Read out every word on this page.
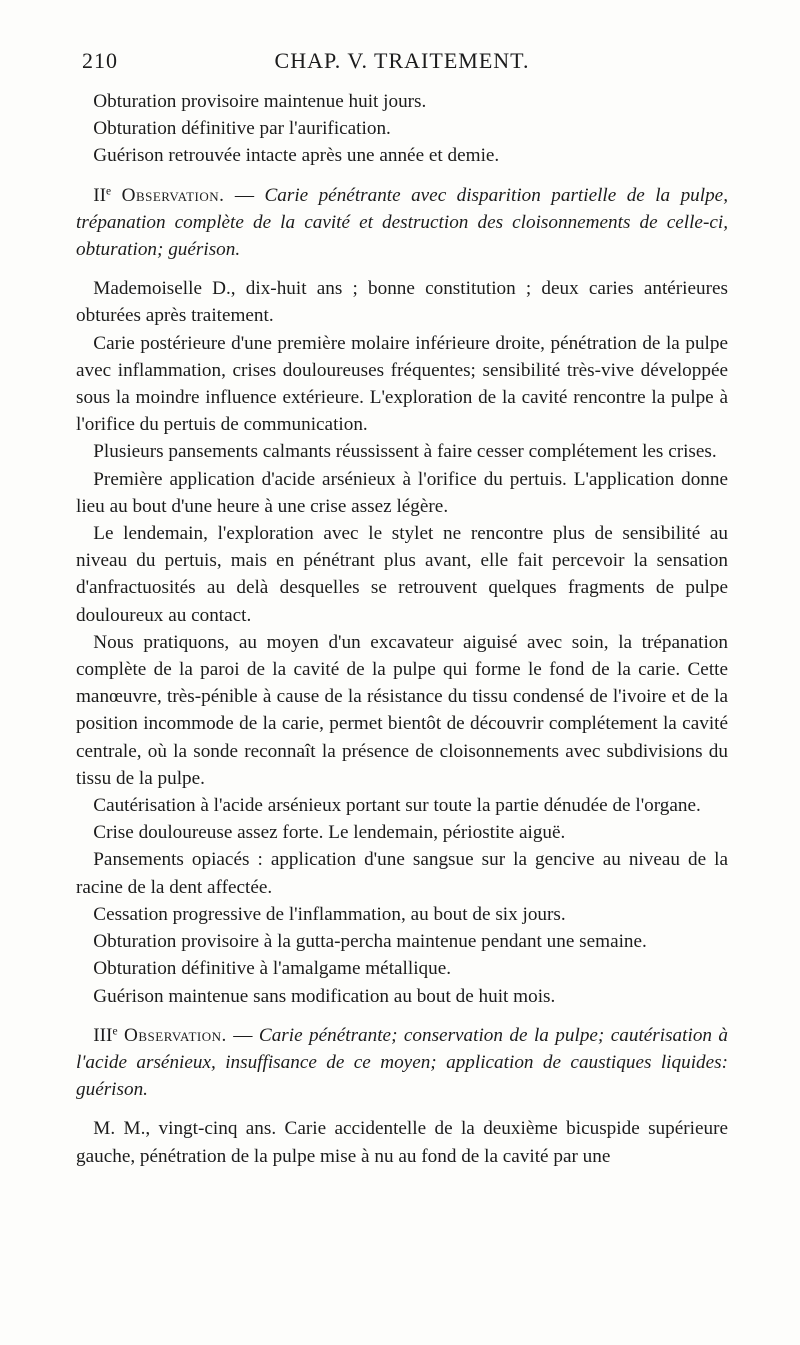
210	CHAP. V. TRAITEMENT.

Obturation provisoire maintenue huit jours.

Obturation définitive par l'aurification.

Guérison retrouvée intacte après une année et demie.

IIe Observation. — Carie pénétrante avec disparition partielle de la pulpe, trépanation complète de la cavité et destruction des cloisonnements de celle-ci, obturation; guérison.

Mademoiselle D., dix-huit ans ; bonne constitution ; deux caries antérieures obturées après traitement.

Carie postérieure d'une première molaire inférieure droite, pénétration de la pulpe avec inflammation, crises douloureuses fréquentes; sensibilité très-vive développée sous la moindre influence extérieure. L'exploration de la cavité rencontre la pulpe à l'orifice du pertuis de communication.

Plusieurs pansements calmants réussissent à faire cesser complétement les crises.

Première application d'acide arsénieux à l'orifice du pertuis. L'application donne lieu au bout d'une heure à une crise assez légère.

Le lendemain, l'exploration avec le stylet ne rencontre plus de sensibilité au niveau du pertuis, mais en pénétrant plus avant, elle fait percevoir la sensation d'anfractuosités au delà desquelles se retrouvent quelques fragments de pulpe douloureux au contact.

Nous pratiquons, au moyen d'un excavateur aiguisé avec soin, la trépanation complète de la paroi de la cavité de la pulpe qui forme le fond de la carie. Cette manœuvre, très-pénible à cause de la résistance du tissu condensé de l'ivoire et de la position incommode de la carie, permet bientôt de découvrir complétement la cavité centrale, où la sonde reconnaît la présence de cloisonnements avec subdivisions du tissu de la pulpe.

Cautérisation à l'acide arsénieux portant sur toute la partie dénudée de l'organe.

Crise douloureuse assez forte. Le lendemain, périostite aiguë.

Pansements opiacés : application d'une sangsue sur la gencive au niveau de la racine de la dent affectée.

Cessation progressive de l'inflammation, au bout de six jours.

Obturation provisoire à la gutta-percha maintenue pendant une semaine.

Obturation définitive à l'amalgame métallique.

Guérison maintenue sans modification au bout de huit mois.

IIIe Observation. — Carie pénétrante; conservation de la pulpe; cautérisation à l'acide arsénieux, insuffisance de ce moyen; application de caustiques liquides: guérison.

M. M., vingt-cinq ans. Carie accidentelle de la deuxième bicuspide supérieure gauche, pénétration de la pulpe mise à nu au fond de la cavité par une
